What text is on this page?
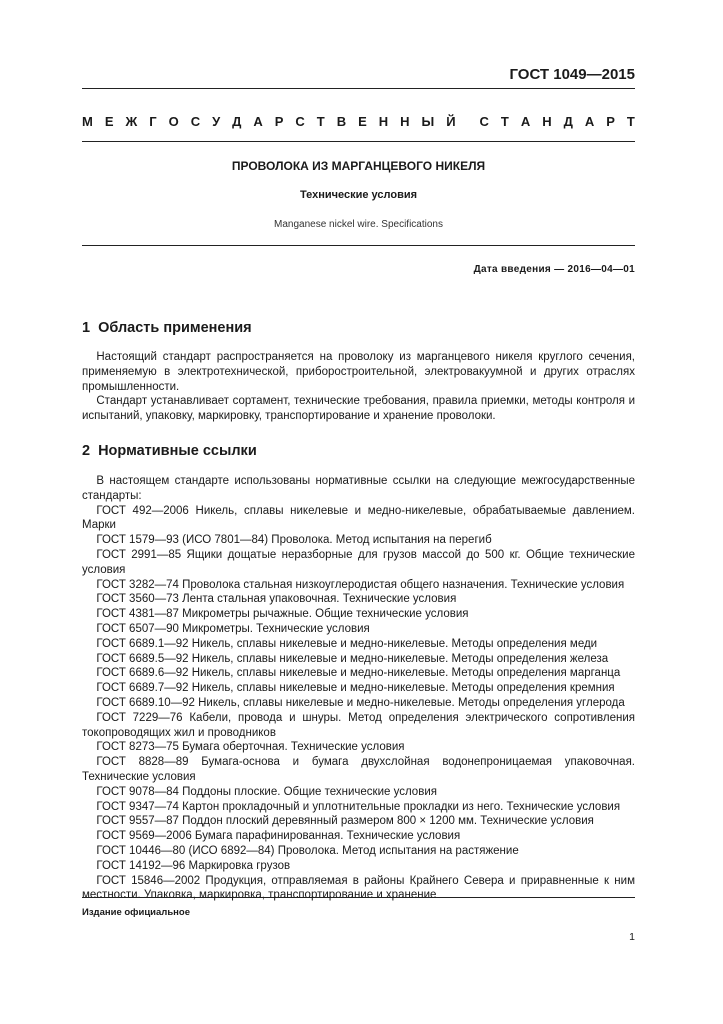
ГОСТ 1049—2015
М Е Ж Г О С У Д А Р С Т В Е Н Н Ы Й С Т А Н Д А Р Т
ПРОВОЛОКА ИЗ МАРГАНЦЕВОГО НИКЕЛЯ
Технические условия
Manganese nickel wire. Specifications
Дата введения — 2016—04—01
1 Область применения

Настоящий стандарт распространяется на проволоку из марганцевого никеля круглого сечения, применяемую в электротехнической, приборостроительной, электровакуумной и других отраслях промышленности.

Стандарт устанавливает сортамент, технические требования, правила приемки, методы контроля и испытаний, упаковку, маркировку, транспортирование и хранение проволоки.

2 Нормативные ссылки

В настоящем стандарте использованы нормативные ссылки на следующие межгосударственные стандарты:

ГОСТ 492—2006 Никель, сплавы никелевые и медно-никелевые, обрабатываемые давлением. Марки

ГОСТ 1579—93 (ИСО 7801—84) Проволока. Метод испытания на перегиб

ГОСТ 2991—85 Ящики дощатые неразборные для грузов массой до 500 кг. Общие технические условия

ГОСТ 3282—74 Проволока стальная низкоуглеродистая общего назначения. Технические условия

ГОСТ 3560—73 Лента стальная упаковочная. Технические условия

ГОСТ 4381—87 Микрометры рычажные. Общие технические условия

ГОСТ 6507—90 Микрометры. Технические условия

ГОСТ 6689.1—92 Никель, сплавы никелевые и медно-никелевые. Методы определения меди

ГОСТ 6689.5—92 Никель, сплавы никелевые и медно-никелевые. Методы определения железа

ГОСТ 6689.6—92 Никель, сплавы никелевые и медно-никелевые. Методы определения марганца

ГОСТ 6689.7—92 Никель, сплавы никелевые и медно-никелевые. Методы определения кремния

ГОСТ 6689.10—92 Никель, сплавы никелевые и медно-никелевые. Методы определения углерода

ГОСТ 7229—76 Кабели, провода и шнуры. Метод определения электрического сопротивления токопроводящих жил и проводников

ГОСТ 8273—75 Бумага оберточная. Технические условия

ГОСТ 8828—89 Бумага-основа и бумага двухслойная водонепроницаемая упаковочная. Технические условия

ГОСТ 9078—84 Поддоны плоские. Общие технические условия

ГОСТ 9347—74 Картон прокладочный и уплотнительные прокладки из него. Технические условия

ГОСТ 9557—87 Поддон плоский деревянный размером 800 × 1200 мм. Технические условия

ГОСТ 9569—2006 Бумага парафинированная. Технические условия

ГОСТ 10446—80 (ИСО 6892—84) Проволока. Метод испытания на растяжение

ГОСТ 14192—96 Маркировка грузов

ГОСТ 15846—2002 Продукция, отправляемая в районы Крайнего Севера и приравненные к ним местности. Упаковка, маркировка, транспортирование и хранение

Издание официальное
1
